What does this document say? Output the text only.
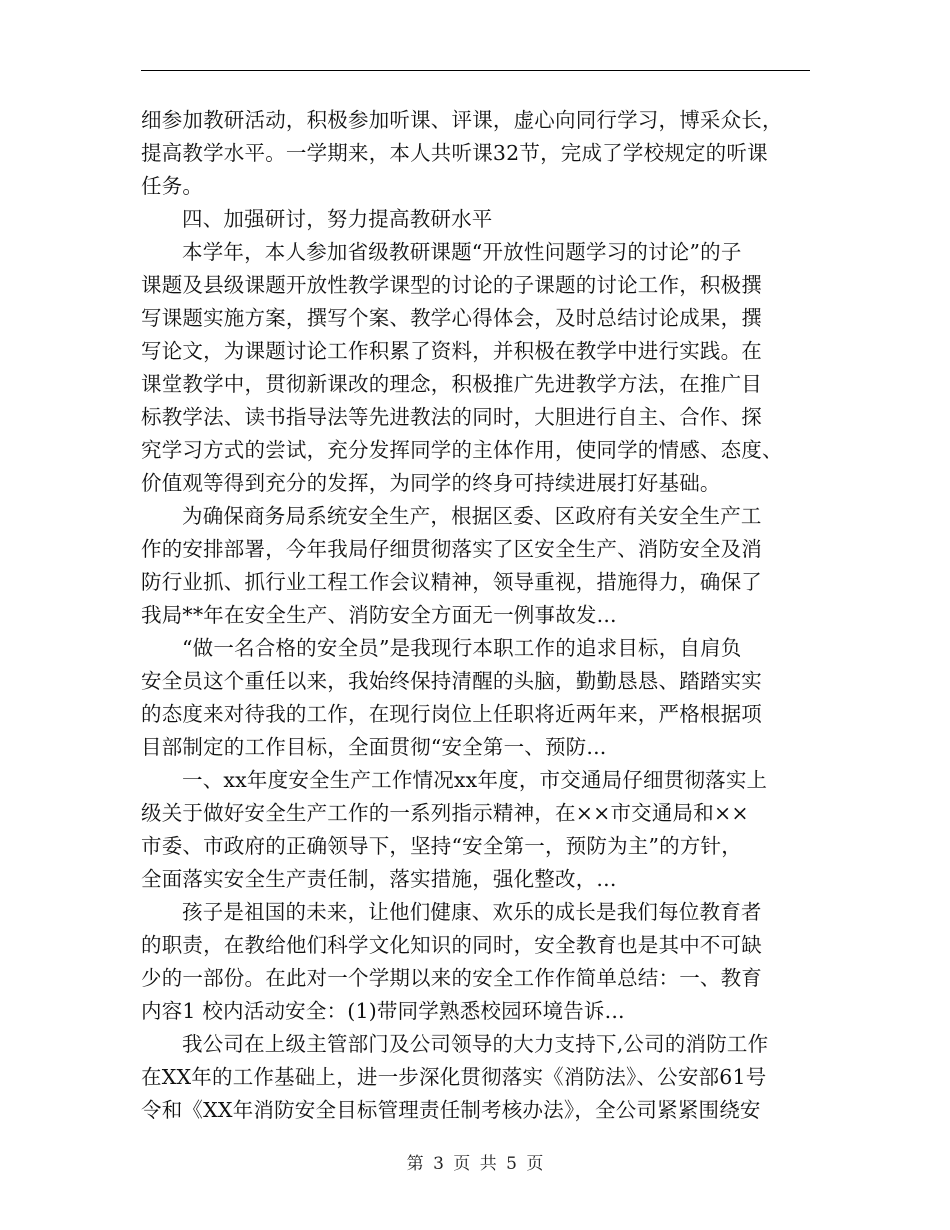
细参加教研活动，积极参加听课、评课，虚心向同行学习，博采众长，
提高教学水平。一学期来，本人共听课32节，完成了学校规定的听课
任务。
四、加强研讨，努力提高教研水平
本学年，本人参加省级教研课题“开放性问题学习的讨论”的子
课题及县级课题开放性教学课型的讨论的子课题的讨论工作，积极撰
写课题实施方案，撰写个案、教学心得体会，及时总结讨论成果，撰
写论文，为课题讨论工作积累了资料，并积极在教学中进行实践。在
课堂教学中，贯彻新课改的理念，积极推广先进教学方法，在推广目
标教学法、读书指导法等先进教法的同时，大胆进行自主、合作、探
究学习方式的尝试，充分发挥同学的主体作用，使同学的情感、态度、
价值观等得到充分的发挥，为同学的终身可持续进展打好基础。
为确保商务局系统安全生产，根据区委、区政府有关安全生产工
作的安排部署，今年我局仔细贯彻落实了区安全生产、消防安全及消
防行业抓、抓行业工程工作会议精神，领导重视，措施得力，确保了
我局**年在安全生产、消防安全方面无一例事故发...
“做一名合格的安全员”是我现行本职工作的追求目标，自肩负
安全员这个重任以来，我始终保持清醒的头脑，勤勤恳恳、踏踏实实
的态度来对待我的工作，在现行岗位上任职将近两年来，严格根据项
目部制定的工作目标，全面贯彻“安全第一、预防...
一、xx年度安全生产工作情况xx年度，市交通局仔细贯彻落实上
级关于做好安全生产工作的一系列指示精神，在××市交通局和××
市委、市政府的正确领导下，坚持“安全第一，预防为主”的方针，
全面落实安全生产责任制，落实措施，强化整改，...
孩子是祖国的未来，让他们健康、欢乐的成长是我们每位教育者
的职责，在教给他们科学文化知识的同时，安全教育也是其中不可缺
少的一部份。在此对一个学期以来的安全工作作简单总结：一、教育
内容1 校内活动安全：(1)带同学熟悉校园环境告诉...
我公司在上级主管部门及公司领导的大力支持下,公司的消防工作
在XX年的工作基础上，进一步深化贯彻落实《消防法》、公安部61号
令和《XX年消防安全目标管理责任制考核办法》，全公司紧紧围绕安
第 3 页 共 5 页
